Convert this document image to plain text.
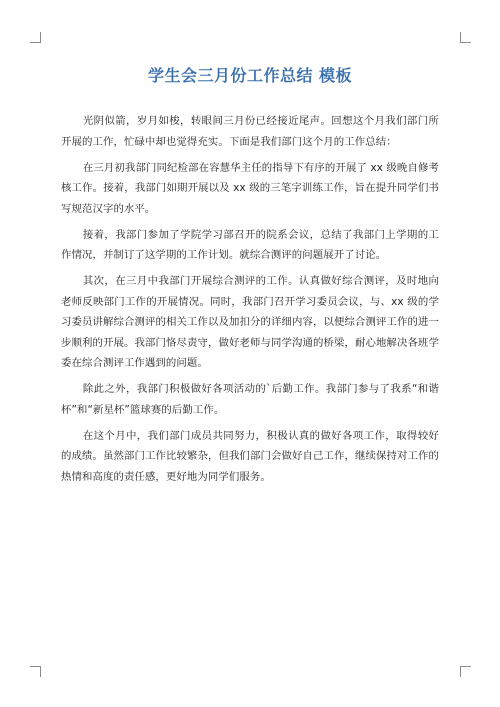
学生会三月份工作总结 模板

光阴似箭，岁月如梭，转眼间三月份已经接近尾声。回想这个月我们部门所开展的工作，忙碌中却也觉得充实。下面是我们部门这个月的工作总结：

在三月初我部门同纪检部在容慧华主任的指导下有序的开展了 xx 级晚自修考核工作。接着，我部门如期开展以及 xx 级的三笔字训练工作，旨在提升同学们书写规范汉字的水平。

接着，我部门参加了学院学习部召开的院系会议，总结了我部门上学期的工作情况，并制订了这学期的工作计划。就综合测评的问题展开了讨论。

其次，在三月中我部门开展综合测评的工作。认真做好综合测评，及时地向老师反映部门工作的开展情况。同时，我部门召开学习委员会议，与、xx 级的学习委员讲解综合测评的相关工作以及加扣分的详细内容，以便综合测评工作的进一步顺利的开展。我部门恪尽责守，做好老师与同学沟通的桥梁，耐心地解决各班学委在综合测评工作遇到的问题。

除此之外，我部门积极做好各项活动的`后勤工作。我部门参与了我系“和谐杯”和“新星杯”篮球赛的后勤工作。

在这个月中，我们部门成员共同努力，积极认真的做好各项工作，取得较好的成绩。虽然部门工作比较繁杂，但我们部门会做好自己工作，继续保持对工作的热情和高度的责任感，更好地为同学们服务。
